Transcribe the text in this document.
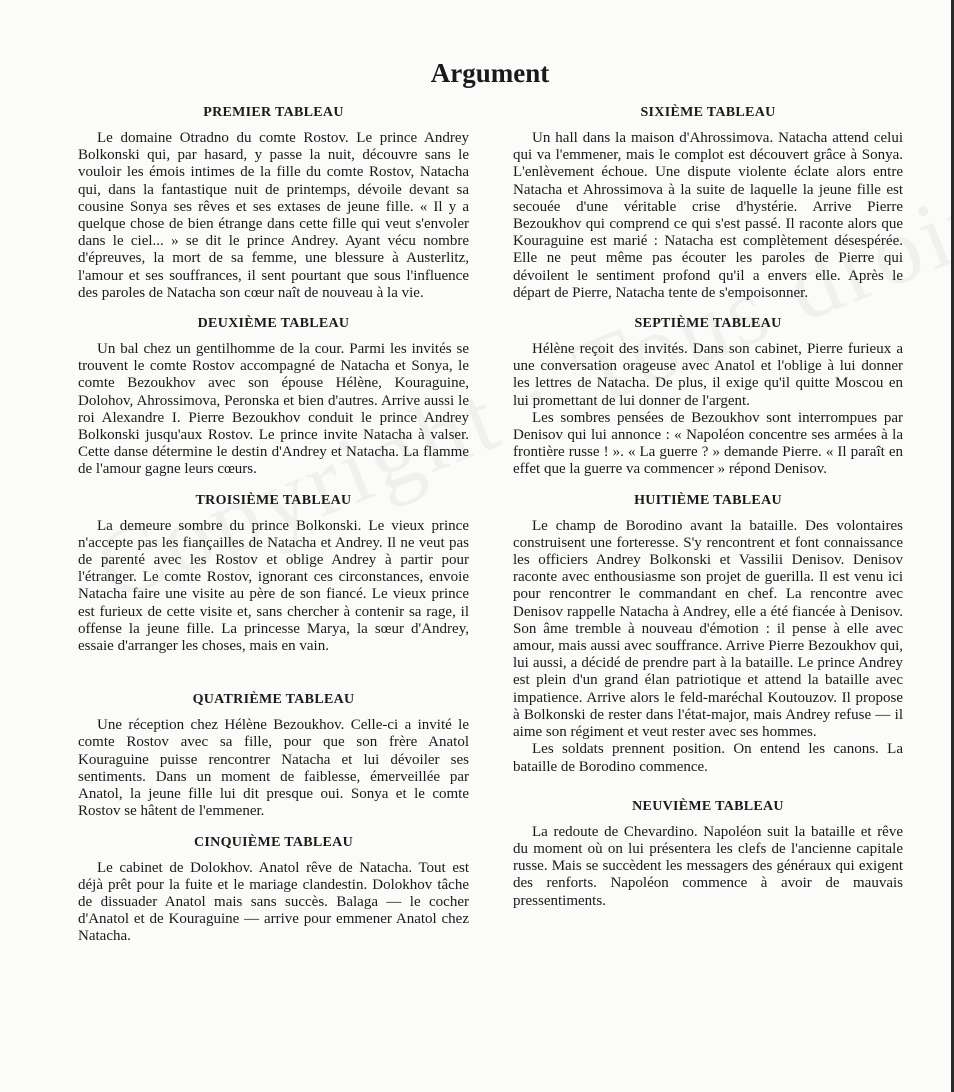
Argument
PREMIER TABLEAU

Le domaine Otradno du comte Rostov. Le prince Andrey Bolkonski qui, par hasard, y passe la nuit, découvre sans le vouloir les émois intimes de la fille du comte Rostov, Natacha qui, dans la fantastique nuit de printemps, dévoile devant sa cousine Sonya ses rêves et ses extases de jeune fille. « Il y a quelque chose de bien étrange dans cette fille qui veut s'envoler dans le ciel... » se dit le prince Andrey. Ayant vécu nombre d'épreuves, la mort de sa femme, une blessure à Austerlitz, l'amour et ses souffrances, il sent pourtant que sous l'influence des paroles de Natacha son cœur naît de nouveau à la vie.

DEUXIÈME TABLEAU

Un bal chez un gentilhomme de la cour. Parmi les invités se trouvent le comte Rostov accompagné de Natacha et Sonya, le comte Bezoukhov avec son épouse Hélène, Kouraguine, Dolohov, Ahrossimova, Peronska et bien d'autres. Arrive aussi le roi Alexandre I. Pierre Bezoukhov conduit le prince Andrey Bolkonski jusqu'aux Rostov. Le prince invite Natacha à valser. Cette danse détermine le destin d'Andrey et Natacha. La flamme de l'amour gagne leurs cœurs.

TROISIÈME TABLEAU

La demeure sombre du prince Bolkonski. Le vieux prince n'accepte pas les fiançailles de Natacha et Andrey. Il ne veut pas de parenté avec les Rostov et oblige Andrey à partir pour l'étranger. Le comte Rostov, ignorant ces circonstances, envoie Natacha faire une visite au père de son fiancé. Le vieux prince est furieux de cette visite et, sans chercher à contenir sa rage, il offense la jeune fille. La princesse Marya, la sœur d'Andrey, essaie d'arranger les choses, mais en vain.

QUATRIÈME TABLEAU

Une réception chez Hélène Bezoukhov. Celle-ci a invité le comte Rostov avec sa fille, pour que son frère Anatol Kouraguine puisse rencontrer Natacha et lui dévoiler ses sentiments. Dans un moment de faiblesse, émerveillée par Anatol, la jeune fille lui dit presque oui. Sonya et le comte Rostov se hâtent de l'emmener.

CINQUIÈME TABLEAU

Le cabinet de Dolokhov. Anatol rêve de Natacha. Tout est déjà prêt pour la fuite et le mariage clandestin. Dolokhov tâche de dissuader Anatol mais sans succès. Balaga — le cocher d'Anatol et de Kouraguine — arrive pour emmener Anatol chez Natacha.

SIXIÈME TABLEAU

Un hall dans la maison d'Ahrossimova. Natacha attend celui qui va l'emmener, mais le complot est découvert grâce à Sonya. L'enlèvement échoue. Une dispute violente éclate alors entre Natacha et Ahrossimova à la suite de laquelle la jeune fille est secouée d'une véritable crise d'hystérie. Arrive Pierre Bezoukhov qui comprend ce qui s'est passé. Il raconte alors que Kouraguine est marié : Natacha est complètement désespérée. Elle ne peut même pas écouter les paroles de Pierre qui dévoilent le sentiment profond qu'il a envers elle. Après le départ de Pierre, Natacha tente de s'empoisonner.

SEPTIÈME TABLEAU

Hélène reçoit des invités. Dans son cabinet, Pierre furieux a une conversation orageuse avec Anatol et l'oblige à lui donner les lettres de Natacha. De plus, il exige qu'il quitte Moscou en lui promettant de lui donner de l'argent.

Les sombres pensées de Bezoukhov sont interrompues par Denisov qui lui annonce : « Napoléon concentre ses armées à la frontière russe ! ». « La guerre ? » demande Pierre. « Il paraît en effet que la guerre va commencer » répond Denisov.

HUITIÈME TABLEAU

Le champ de Borodino avant la bataille. Des volontaires construisent une forteresse. S'y rencontrent et font connaissance les officiers Andrey Bolkonski et Vassilii Denisov. Denisov raconte avec enthousiasme son projet de guerilla. Il est venu ici pour rencontrer le commandant en chef. La rencontre avec Denisov rappelle Natacha à Andrey, elle a été fiancée à Denisov. Son âme tremble à nouveau d'émotion : il pense à elle avec amour, mais aussi avec souffrance. Arrive Pierre Bezoukhov qui, lui aussi, a décidé de prendre part à la bataille. Le prince Andrey est plein d'un grand élan patriotique et attend la bataille avec impatience. Arrive alors le feld-maréchal Koutouzov. Il propose à Bolkonski de rester dans l'état-major, mais Andrey refuse — il aime son régiment et veut rester avec ses hommes.

Les soldats prennent position. On entend les canons. La bataille de Borodino commence.

NEUVIÈME TABLEAU

La redoute de Chevardino. Napoléon suit la bataille et rêve du moment où on lui présentera les clefs de l'ancienne capitale russe. Mais se succèdent les messagers des généraux qui exigent des renforts. Napoléon commence à avoir de mauvais pressentiments.
